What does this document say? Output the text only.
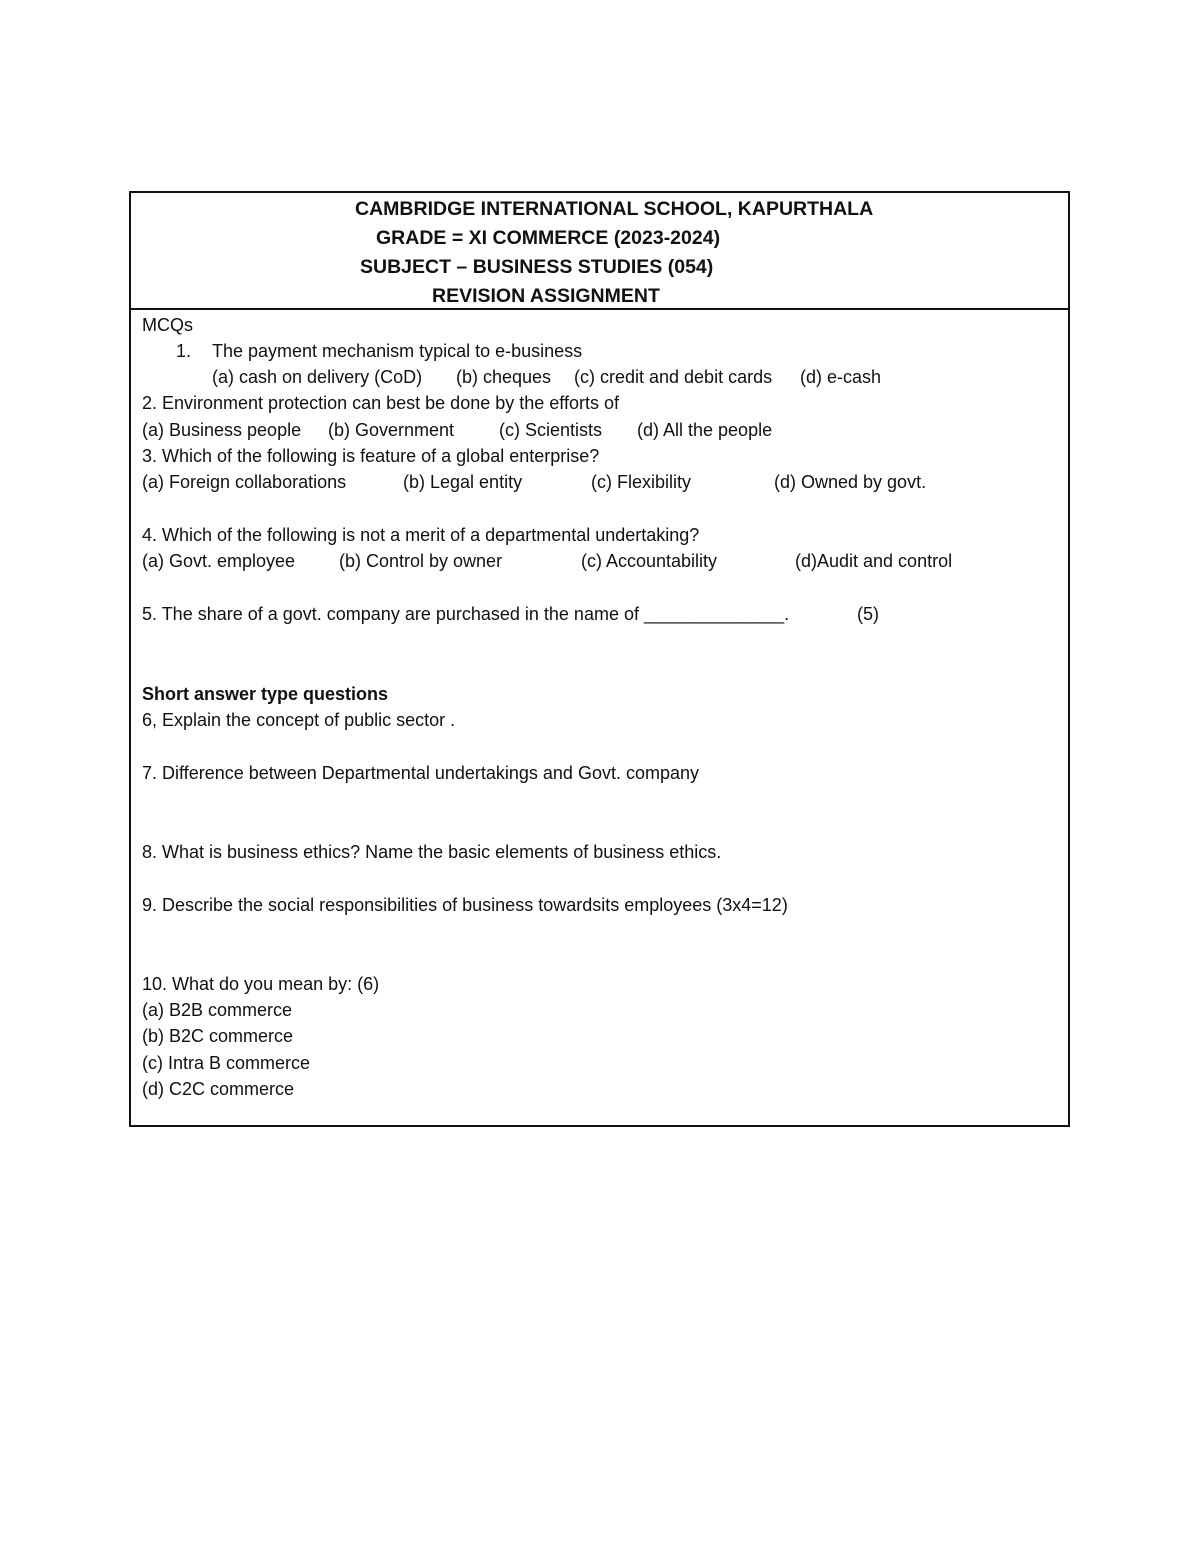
CAMBRIDGE INTERNATIONAL SCHOOL, KAPURTHALA
GRADE = XI COMMERCE (2023-2024)
SUBJECT – BUSINESS STUDIES (054)
REVISION ASSIGNMENT
MCQs
1. The payment mechanism typical to e-business
(a) cash on delivery (CoD) (b) cheques (c) credit and debit cards (d) e-cash
2. Environment protection can best be done by the efforts of
(a) Business people (b) Government (c) Scientists (d) All the people
3. Which of the following is feature of a global enterprise?
(a) Foreign collaborations	(b) Legal entity	(c) Flexibility	(d) Owned by govt.
4. Which of the following is not a merit of a departmental undertaking?
(a) Govt. employee (b) Control by owner	(c) Accountability	(d)Audit and control
5. The share of a govt. company are purchased in the name of ______________.	(5)
Short answer type questions
6, Explain the concept of public sector .
7. Difference between Departmental undertakings and Govt. company
8. What is business ethics? Name the basic elements of business ethics.
9. Describe the social responsibilities of business towardsits employees (3x4=12)
10. What do you mean by: (6)
(a) B2B commerce
(b) B2C commerce
(c) Intra B commerce
(d) C2C commerce
